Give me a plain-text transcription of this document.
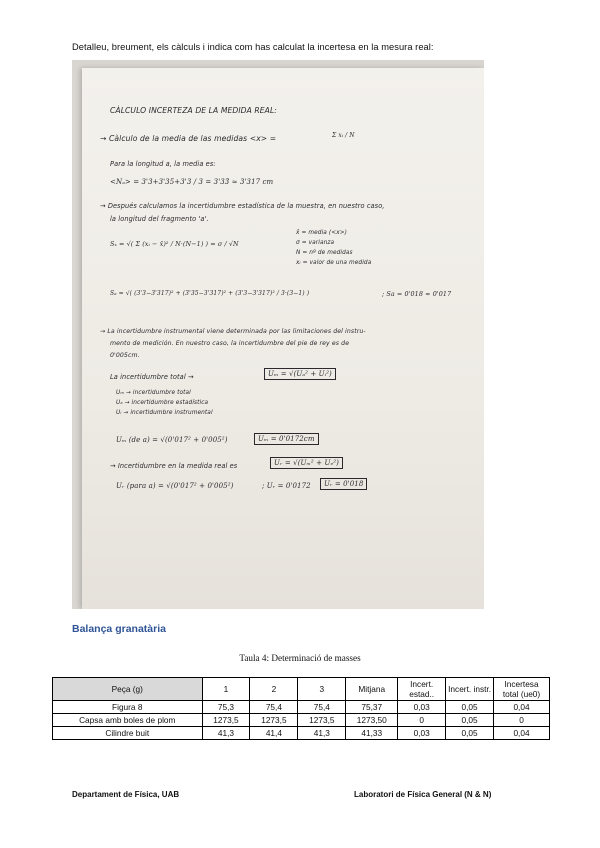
Detalleu, breument, els càlculs i indica com has calculat la incertesa en la mesura real:
CÀLCULO INCERTEZA DE LA MEDIDA REAL:
→ Càlculo de la media de las medidas <x> =	Σ xᵢ / N
Para la longitud a, la media es:
<Nₐ> = 3'3+3'35+3'3 / 3 = 3'33̄ ≈ 3'317 cm
→ Después calculamos la incertidumbre estadística de la muestra, en nuestro caso,
la longitud del fragmento 'a'.
Sₓ = √( Σ (xᵢ − x̄)² / N·(N−1) ) = σ / √N
x̄ = media (<x>)
σ = varianza
N = nº de medidas
xᵢ = valor de una medida
Sₐ = √( (3'3−3'317)² + (3'35−3'317)² + (3'3−3'317)² / 3·(3−1) )	; Sa = 0'018 ≈ 0'017
→ La incertidumbre instrumental viene determinada por las limitaciones del instru-
mento de medición. En nuestro caso, la incertidumbre del pie de rey es de
0'005cm.
La incertidumbre total →	Uₘ = √(Uₐ² + Uᵢ²)
Uₘ → incertidumbre total
Uₐ → incertidumbre estadística
Uᵢ → incertidumbre instrumental
Uₘ (de a) = √(0'017² + 0'005²)	Uₘ = 0'0172cm
→ Incertidumbre en la medida real es	Uᵣ = √(Uₘ² + Uₑ²)
Uᵣ (para a) = √(0'017² + 0'005²)	; Uᵣ = 0'0172	Uᵣ = 0'018
Balança granatària
Taula 4: Determinació de masses
Peça (g)	1	2	3	Mitjana	Incert. estad..	Incert. instr.	Incertesa total (ue0)
Figura 8	75,3	75,4	75,4	75,37	0,03	0,05	0,04
Capsa amb boles de plom	1273,5	1273,5	1273,5	1273,50	0	0,05	0
Cilindre buit	41,3	41,4	41,3	41,33	0,03	0,05	0,04
Departament de Física, UAB	Laboratori de Física General (N & N)
